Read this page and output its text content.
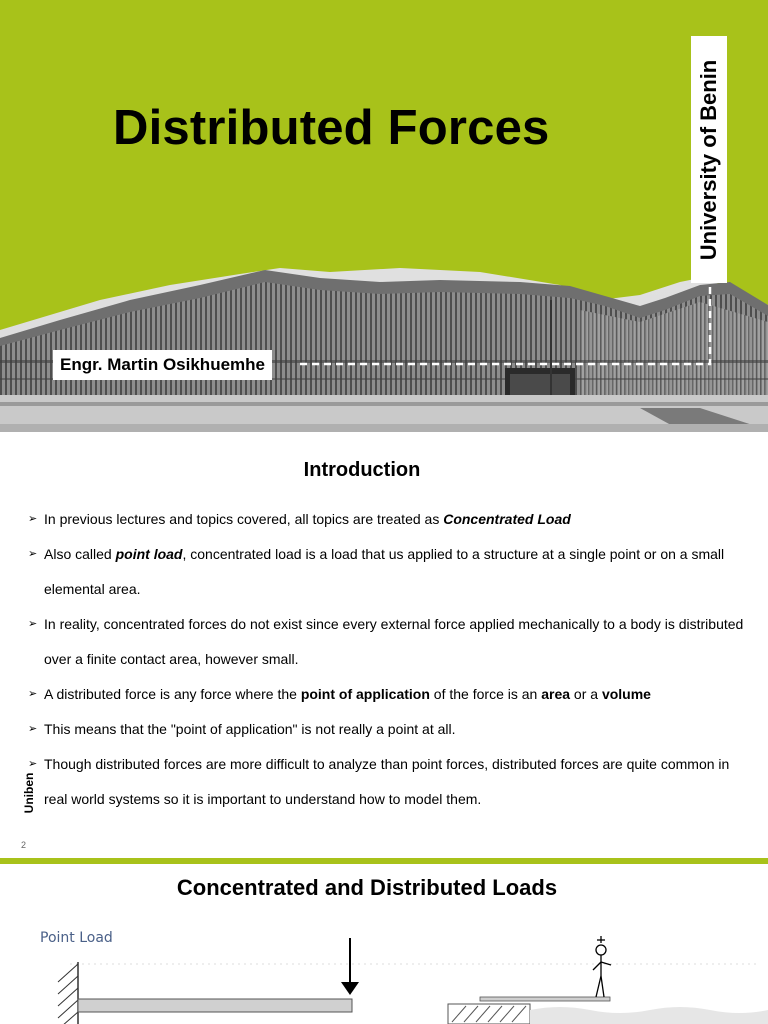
Distributed Forces	University of Benin
Engr. Martin Osikhuemhe
Introduction
➢ In previous lectures and topics covered, all topics are treated as Concentrated Load
➢ Also called point load, concentrated load is a load that us applied to a structure at a single point or on a small elemental area.
➢ In reality, concentrated forces do not exist since every external force applied mechanically to a body is distributed over a finite contact area, however small.
➢ A distributed force is any force where the point of application of the force is an area or a volume
➢ This means that the "point of application" is not really a point at all.
➢ Though distributed forces are more difficult to analyze than point forces, distributed forces are quite common in real world systems so it is important to understand how to model them.
Uniben
2
Concentrated and Distributed Loads
Point Load
